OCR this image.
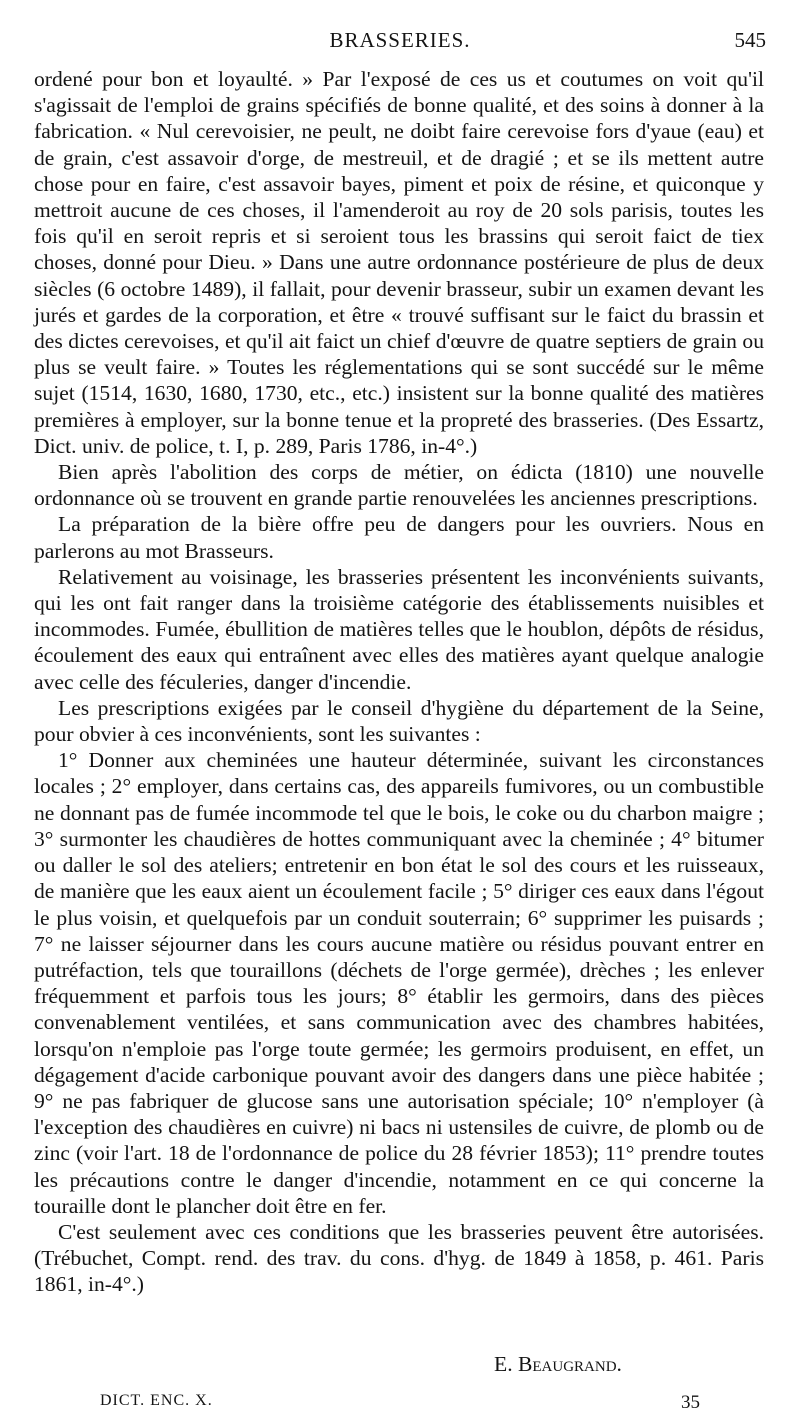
BRASSERIES.	545

ordené pour bon et loyaulté. » Par l'exposé de ces us et coutumes on voit qu'il s'agissait de l'emploi de grains spécifiés de bonne qualité, et des soins à donner à la fabrication. « Nul cerevoisier, ne peult, ne doibt faire cerevoise fors d'yaue (eau) et de grain, c'est assavoir d'orge, de mestreuil, et de dragié ; et se ils mettent autre chose pour en faire, c'est assavoir bayes, piment et poix de résine, et quiconque y mettroit aucune de ces choses, il l'amenderoit au roy de 20 sols parisis, toutes les fois qu'il en seroit repris et si seroient tous les brassins qui seroit faict de tiex choses, donné pour Dieu. » Dans une autre ordonnance postérieure de plus de deux siècles (6 octobre 1489), il fallait, pour devenir brasseur, subir un examen devant les jurés et gardes de la corporation, et être « trouvé suffisant sur le faict du brassin et des dictes cerevoises, et qu'il ait faict un chief d'œuvre de quatre septiers de grain ou plus se veult faire. » Toutes les réglementations qui se sont succédé sur le même sujet (1514, 1630, 1680, 1730, etc., etc.) insistent sur la bonne qualité des matières premières à employer, sur la bonne tenue et la propreté des brasseries. (Des Essartz, Dict. univ. de police, t. I, p. 289, Paris 1786, in-4°.)

Bien après l'abolition des corps de métier, on édicta (1810) une nouvelle ordonnance où se trouvent en grande partie renouvelées les anciennes prescriptions.

La préparation de la bière offre peu de dangers pour les ouvriers. Nous en parlerons au mot Brasseurs.

Relativement au voisinage, les brasseries présentent les inconvénients suivants, qui les ont fait ranger dans la troisième catégorie des établissements nuisibles et incommodes. Fumée, ébullition de matières telles que le houblon, dépôts de résidus, écoulement des eaux qui entraînent avec elles des matières ayant quelque analogie avec celle des féculeries, danger d'incendie.

Les prescriptions exigées par le conseil d'hygiène du département de la Seine, pour obvier à ces inconvénients, sont les suivantes :

1° Donner aux cheminées une hauteur déterminée, suivant les circonstances locales ; 2° employer, dans certains cas, des appareils fumivores, ou un combustible ne donnant pas de fumée incommode tel que le bois, le coke ou du charbon maigre ; 3° surmonter les chaudières de hottes communiquant avec la cheminée ; 4° bitumer ou daller le sol des ateliers; entretenir en bon état le sol des cours et les ruisseaux, de manière que les eaux aient un écoulement facile ; 5° diriger ces eaux dans l'égout le plus voisin, et quelquefois par un conduit souterrain; 6° supprimer les puisards ; 7° ne laisser séjourner dans les cours aucune matière ou résidus pouvant entrer en putréfaction, tels que touraillons (déchets de l'orge germée), drèches ; les enlever fréquemment et parfois tous les jours; 8° établir les germoirs, dans des pièces convenablement ventilées, et sans communication avec des chambres habitées, lorsqu'on n'emploie pas l'orge toute germée; les germoirs produisent, en effet, un dégagement d'acide carbonique pouvant avoir des dangers dans une pièce habitée ; 9° ne pas fabriquer de glucose sans une autorisation spéciale; 10° n'employer (à l'exception des chaudières en cuivre) ni bacs ni ustensiles de cuivre, de plomb ou de zinc (voir l'art. 18 de l'ordonnance de police du 28 février 1853); 11° prendre toutes les précautions contre le danger d'incendie, notamment en ce qui concerne la touraille dont le plancher doit être en fer.

C'est seulement avec ces conditions que les brasseries peuvent être autorisées. (Trébuchet, Compt. rend. des trav. du cons. d'hyg. de 1849 à 1858, p. 461. Paris 1861, in-4°.)

E. Beaugrand.
DICT. ENC. X.	35
